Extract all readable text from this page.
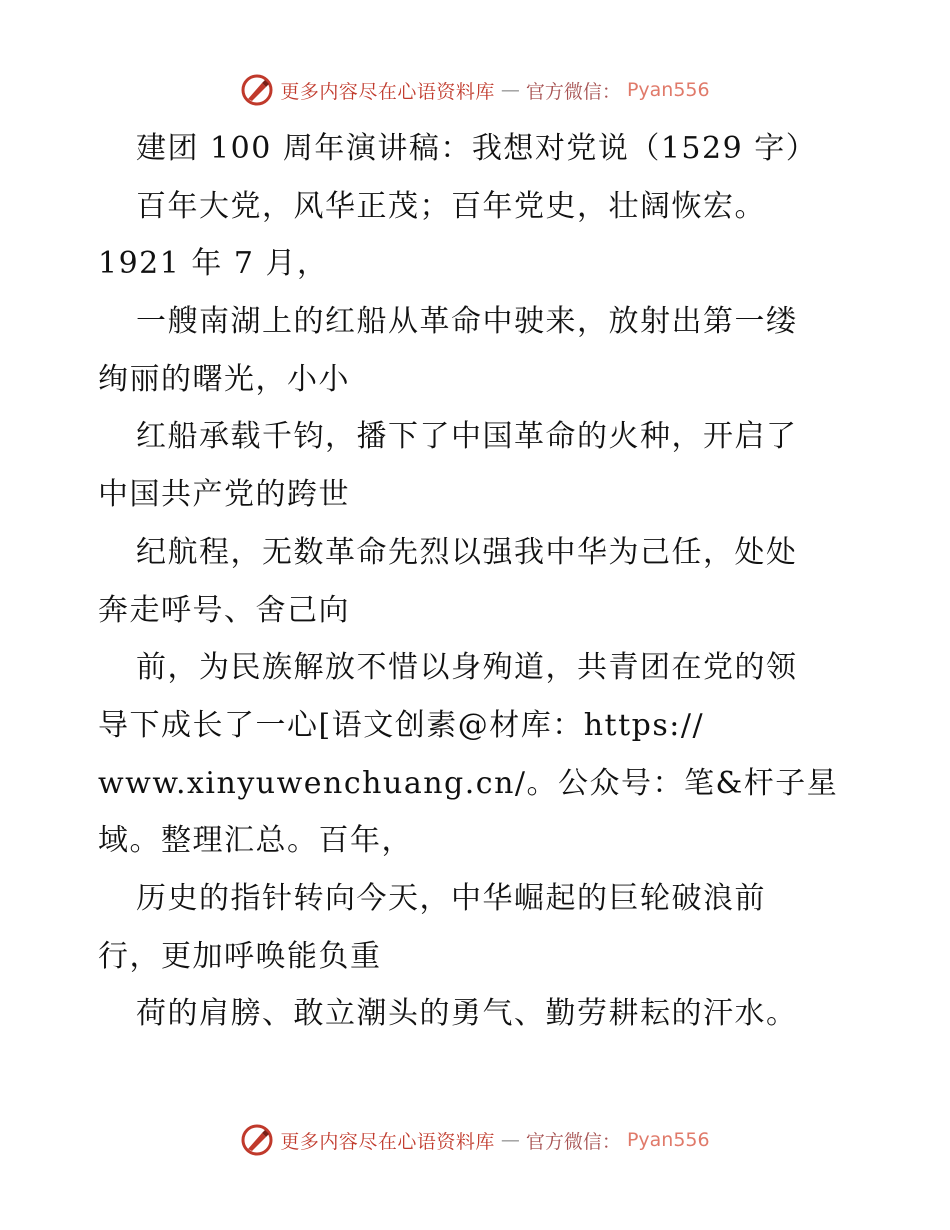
更多内容尽在心语资料库 — 官方微信： Pyan556
建团 100 周年演讲稿：我想对党说（1529 字）
百年大党，风华正茂；百年党史，壮阔恢宏。
1921 年 7 月，
一艘南湖上的红船从革命中驶来，放射出第一缕
绚丽的曙光，小小
红船承载千钧，播下了中国革命的火种，开启了
中国共产党的跨世
纪航程，无数革命先烈以强我中华为己任，处处
奔走呼号、舍己向
前，为民族解放不惜以身殉道，共青团在党的领
导下成长了一心[语文创素@材库：https://
www.xinyuwenchuang.cn/。公众号：笔&杆子星
域。整理汇总。百年，
历史的指针转向今天，中华崛起的巨轮破浪前
行，更加呼唤能负重
荷的肩膀、敢立潮头的勇气、勤劳耕耘的汗水。
更多内容尽在心语资料库 — 官方微信： Pyan556
